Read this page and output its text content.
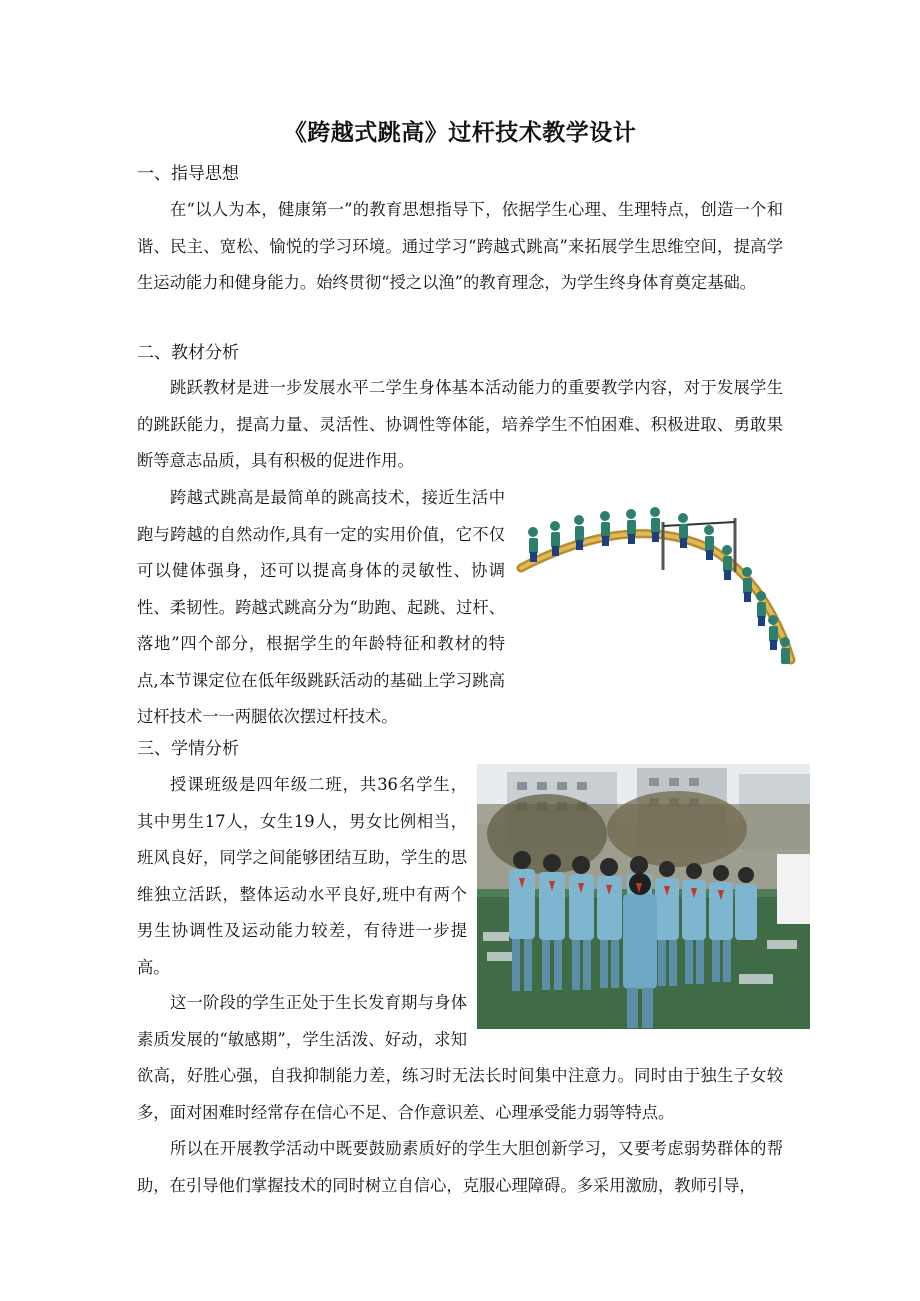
《跨越式跳高》过杆技术教学设计
一、指导思想

在“以人为本，健康第一”的教育思想指导下，依据学生心理、生理特点，创造一个和谐、民主、宽松、愉悦的学习环境。通过学习“跨越式跳高”来拓展学生思维空间，提高学生运动能力和健身能力。始终贯彻“授之以渔”的教育理念，为学生终身体育奠定基础。

二、教材分析

跳跃教材是进一步发展水平二学生身体基本活动能力的重要教学内容，对于发展学生的跳跃能力，提高力量、灵活性、协调性等体能，培养学生不怕困难、积极进取、勇敢果断等意志品质，具有积极的促进作用。

跨越式跳高是最简单的跳高技术，接近生活中跑与跨越的自然动作,具有一定的实用价值，它不仅可以健体强身，还可以提高身体的灵敏性、协调性、柔韧性。跨越式跳高分为“助跑、起跳、过杆、落地”四个部分，根据学生的年龄特征和教材的特点,本节课定位在低年级跳跃活动的基础上学习跳高过杆技术一一两腿依次摆过杆技术。

三、学情分析

授课班级是四年级二班，共36名学生，其中男生17人，女生19人，男女比例相当，班风良好，同学之间能够团结互助，学生的思维独立活跃，整体运动水平良好,班中有两个男生协调性及运动能力较差，有待进一步提高。

这一阶段的学生正处于生长发育期与身体素质发展的“敏感期”，学生活泼、好动，求知欲高，好胜心强，自我抑制能力差，练习时无法长时间集中注意力。同时由于独生子女较多，面对困难时经常存在信心不足、合作意识差、心理承受能力弱等特点。

所以在开展教学活动中既要鼓励素质好的学生大胆创新学习，又要考虑弱势群体的帮助，在引导他们掌握技术的同时树立自信心，克服心理障碍。多采用激励，教师引导，
